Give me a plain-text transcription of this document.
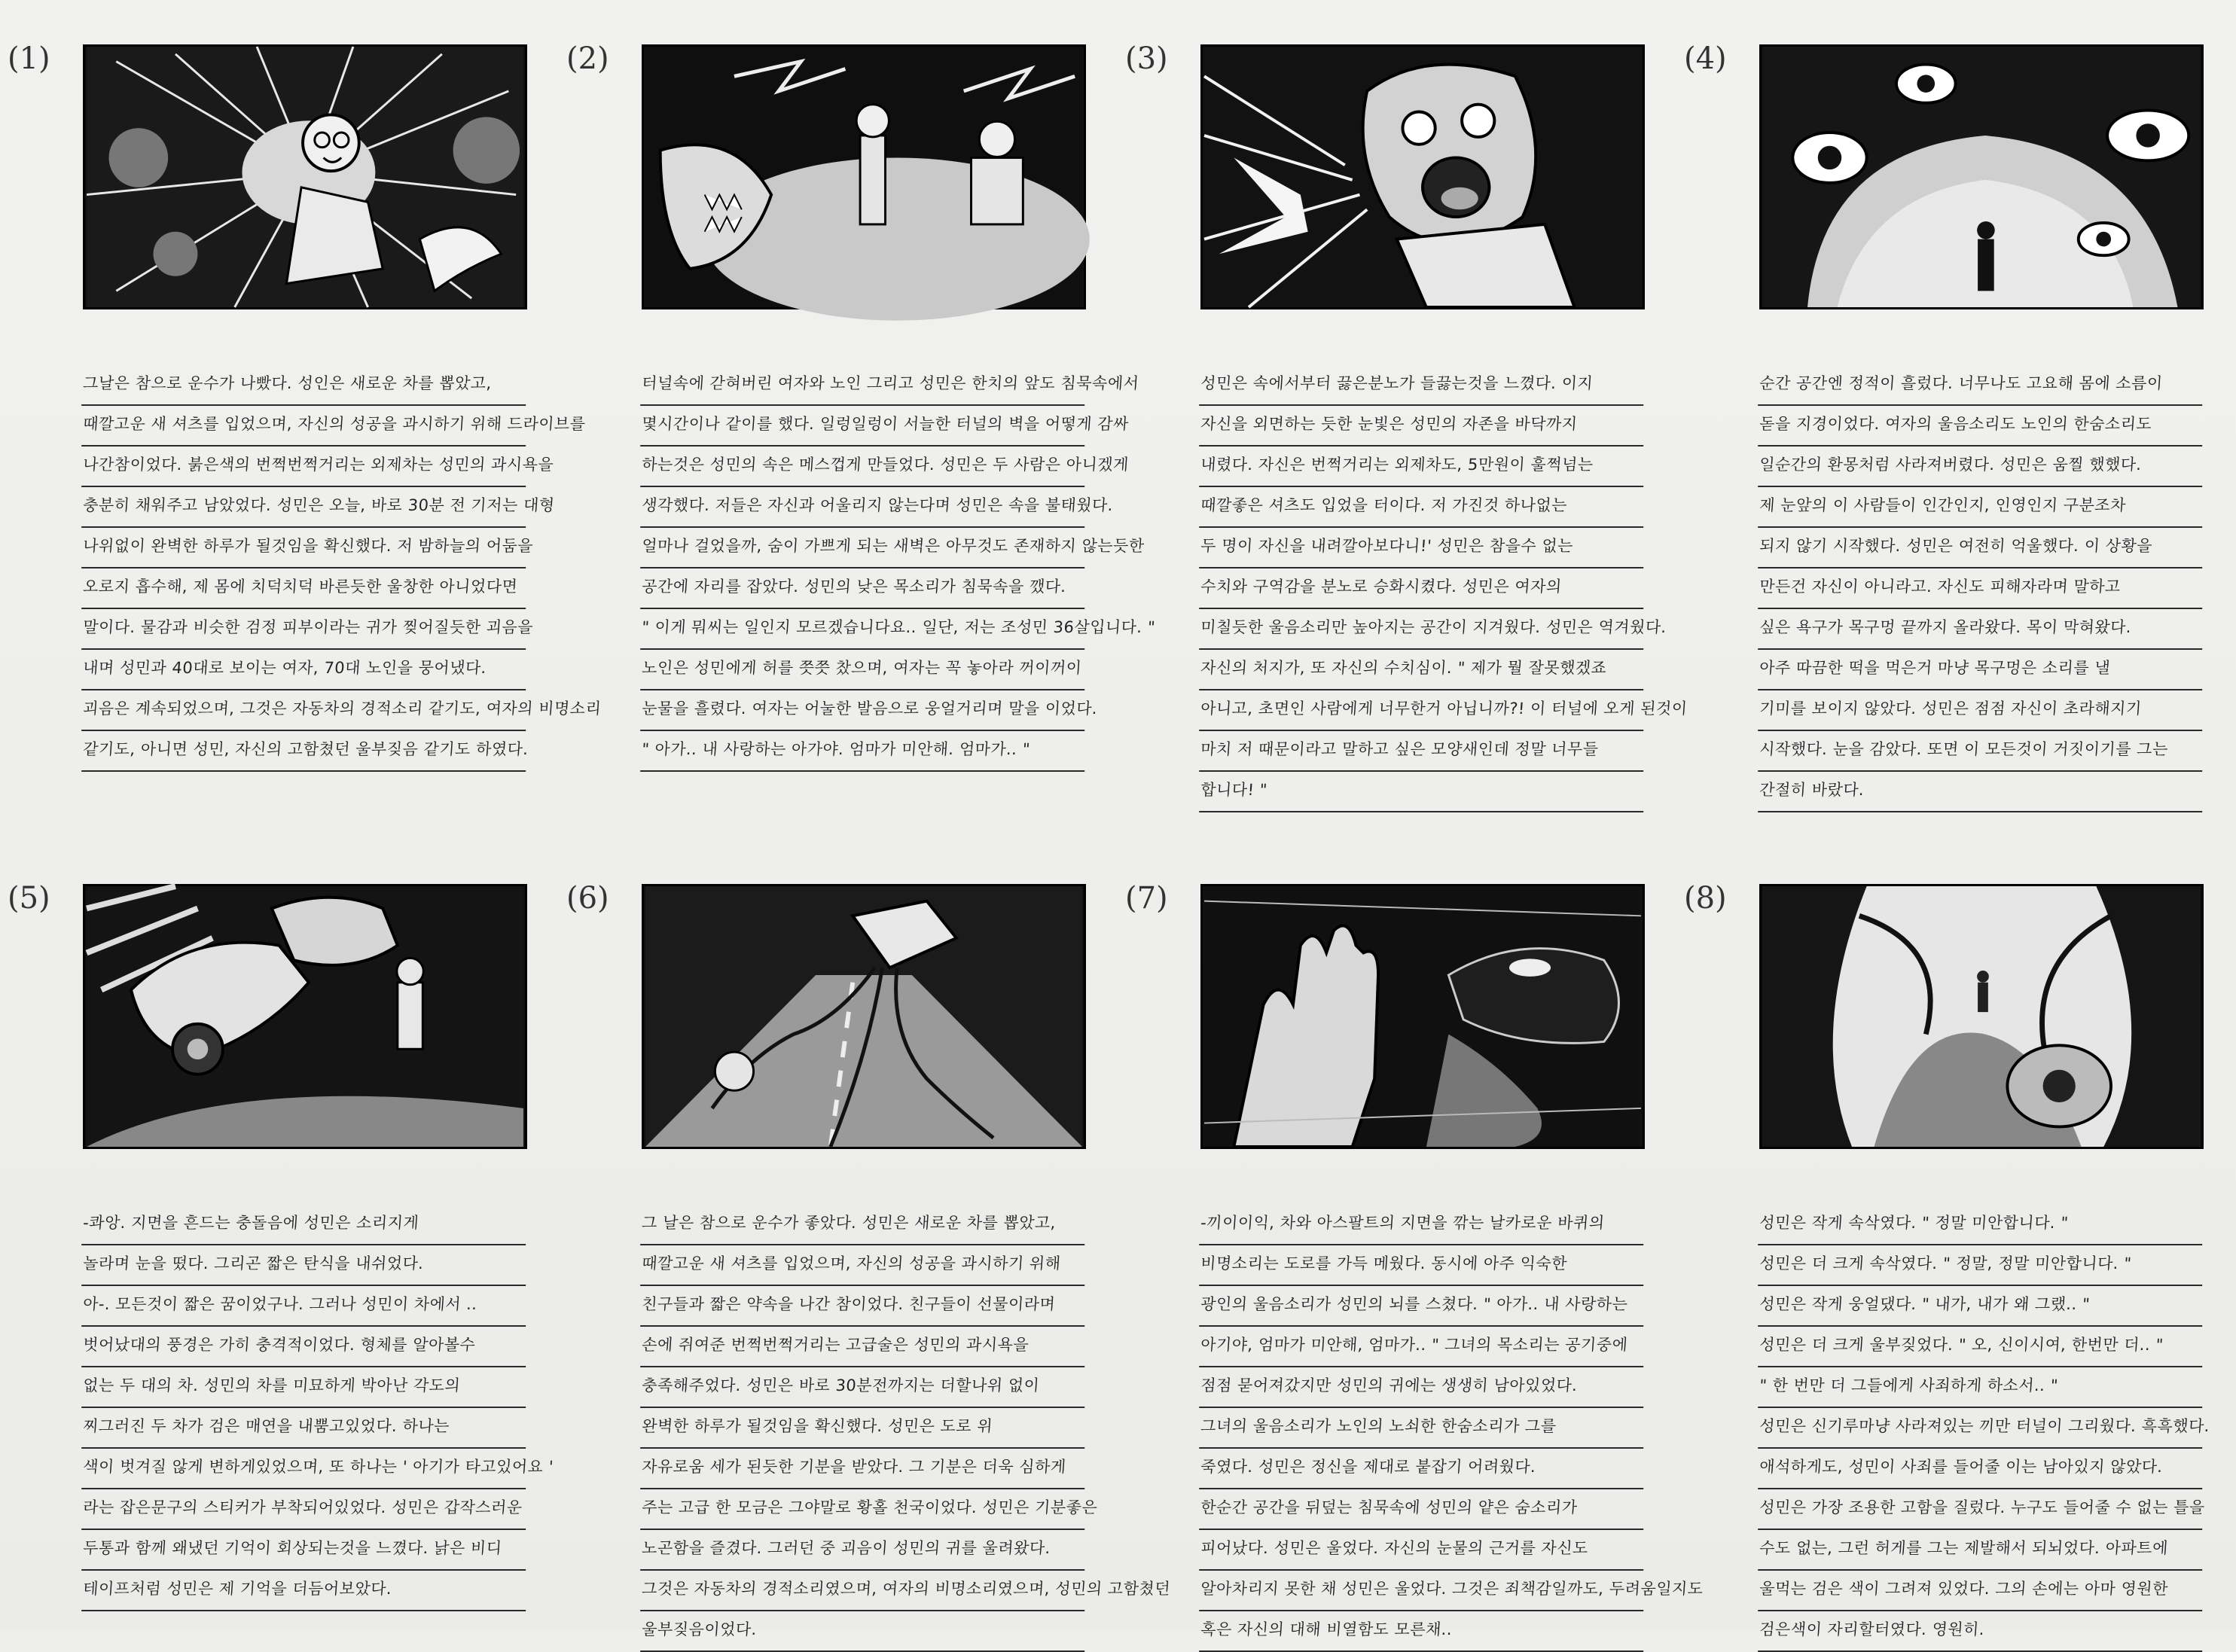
(1)
그날은 참으로 운수가 나빴다. 성인은 새로운 차를 뽑았고,
때깔고운 새 셔츠를 입었으며, 자신의 성공을 과시하기 위해 드라이브를
나간참이었다. 붉은색의 번쩍번쩍거리는 외제차는 성민의 과시욕을
충분히 채워주고 남았었다. 성민은 오늘, 바로 30분 전 기저는 대형
나위없이 완벽한 하루가 될것임을 확신했다. 저 밤하늘의 어둠을
오로지 흡수해, 제 몸에 치덕치덕 바른듯한 울창한 아니었다면
말이다. 물감과 비슷한 검정 피부이라는 귀가 찢어질듯한 괴음을
내며 성민과 40대로 보이는 여자, 70대 노인을 뭉어냈다.
괴음은 계속되었으며, 그것은 자동차의 경적소리 같기도, 여자의 비명소리
같기도, 아니면 성민, 자신의 고함쳤던 울부짖음 같기도 하였다.
(2)
터널속에 갇혀버린 여자와 노인 그리고 성민은 한치의 앞도 침묵속에서
몇시간이나 같이를 했다. 일렁일렁이 서늘한 터널의 벽을 어떻게 감싸
하는것은 성민의 속은 메스껍게 만들었다. 성민은 두 사람은 아니겠게
생각했다. 저들은 자신과 어울리지 않는다며 성민은 속을 불태웠다.
얼마나 걸었을까, 숨이 가쁘게 되는 새벽은 아무것도 존재하지 않는듯한
공간에 자리를 잡았다. 성민의 낮은 목소리가 침묵속을 깼다.
" 이게 뭐씨는 일인지 모르겠습니다요.. 일단, 저는 조성민 36살입니다. "
노인은 성민에게 허를 쯧쯧 찼으며, 여자는 꼭 놓아라 꺼이꺼이
눈물을 흘렸다. 여자는 어눌한 발음으로 웅얼거리며 말을 이었다.
" 아가.. 내 사랑하는 아가야. 엄마가 미안해. 엄마가.. "
(3)
성민은 속에서부터 끓은분노가 들끓는것을 느꼈다. 이지
자신을 외면하는 듯한 눈빛은 성민의 자존을 바닥까지
내렸다. 자신은 번쩍거리는 외제차도, 5만원이 훌쩍넘는
때깔좋은 셔츠도 입었을 터이다. 저 가진것 하나없는
두 명이 자신을 내려깔아보다니!' 성민은 참을수 없는
수치와 구역감을 분노로 승화시켰다. 성민은 여자의
미칠듯한 울음소리만 높아지는 공간이 지겨웠다. 성민은 역겨웠다.
자신의 처지가, 또 자신의 수치심이. " 제가 뭘 잘못했겠죠
아니고, 초면인 사람에게 너무한거 아닙니까?! 이 터널에 오게 된것이
마치 저 때문이라고 말하고 싶은 모양새인데 정말 너무들
합니다! "
(4)
순간 공간엔 정적이 흘렀다. 너무나도 고요해 몸에 소름이
돋을 지경이었다. 여자의 울음소리도 노인의 한숨소리도
일순간의 환몽처럼 사라져버렸다. 성민은 움찔 했했다.
제 눈앞의 이 사람들이 인간인지, 인영인지 구분조차
되지 않기 시작했다. 성민은 여전히 억울했다. 이 상황을
만든건 자신이 아니라고. 자신도 피해자라며 말하고
싶은 욕구가 목구멍 끝까지 올라왔다. 목이 막혀왔다.
아주 따끔한 떡을 먹은거 마냥 목구멍은 소리를 낼
기미를 보이지 않았다. 성민은 점점 자신이 초라해지기
시작했다. 눈을 감았다. 또면 이 모든것이 거짓이기를 그는
간절히 바랐다.
(5)
-콰앙. 지면을 흔드는 충돌음에 성민은 소리지게
놀라며 눈을 떴다. 그리곤 짧은 탄식을 내쉬었다.
아-. 모든것이 짧은 꿈이었구나. 그러나 성민이 차에서 ..
벗어났대의 풍경은 가히 충격적이었다. 형체를 알아볼수
없는 두 대의 차. 성민의 차를 미묘하게 박아난 각도의
찌그러진 두 차가 검은 매연을 내뿜고있었다. 하나는
색이 벗겨질 않게 변하게있었으며, 또 하나는 ' 아기가 타고있어요 '
라는 잡은문구의 스티커가 부착되어있었다. 성민은 갑작스러운
두통과 함께 왜냈던 기억이 회상되는것을 느꼈다. 낡은 비디
테이프처럼 성민은 제 기억을 더듬어보았다.
(6)
그 날은 참으로 운수가 좋았다. 성민은 새로운 차를 뽑았고,
때깔고운 새 셔츠를 입었으며, 자신의 성공을 과시하기 위해
친구들과 짧은 약속을 나간 참이었다. 친구들이 선물이라며
손에 쥐여준 번쩍번쩍거리는 고급술은 성민의 과시욕을
충족해주었다. 성민은 바로 30분전까지는 더할나위 없이
완벽한 하루가 될것임을 확신했다. 성민은 도로 위
자유로움 세가 된듯한 기분을 받았다. 그 기분은 더욱 심하게
주는 고급 한 모금은 그야말로 황홀 천국이었다. 성민은 기분좋은
노곤함을 즐겼다. 그러던 중 괴음이 성민의 귀를 울려왔다.
그것은 자동차의 경적소리였으며, 여자의 비명소리였으며, 성민의 고함쳤던
울부짖음이었다.
(7)
-끼이이익, 차와 아스팔트의 지면을 깎는 날카로운 바퀴의
비명소리는 도로를 가득 메웠다. 동시에 아주 익숙한
광인의 울음소리가 성민의 뇌를 스쳤다. " 아가.. 내 사랑하는
아기야, 엄마가 미안해, 엄마가.. " 그녀의 목소리는 공기중에
점점 묻어져갔지만 성민의 귀에는 생생히 남아있었다.
그녀의 울음소리가 노인의 노쇠한 한숨소리가 그를
죽였다. 성민은 정신을 제대로 붙잡기 어려웠다.
한순간 공간을 뒤덮는 침묵속에 성민의 얕은 숨소리가
피어났다. 성민은 울었다. 자신의 눈물의 근거를 자신도
알아차리지 못한 채 성민은 울었다. 그것은 죄책감일까도, 두려움일지도
혹은 자신의 대해 비열함도 모른채..
(8)
성민은 작게 속삭였다. " 정말 미안합니다. "
성민은 더 크게 속삭였다. " 정말, 정말 미안합니다. "
성민은 작게 웅얼댔다. " 내가, 내가 왜 그랬.. "
성민은 더 크게 울부짖었다. " 오, 신이시여, 한번만 더.. "
" 한 번만 더 그들에게 사죄하게 하소서.. "
성민은 신기루마냥 사라져있는 끼만 터널이 그리웠다. 흑흑했다.
애석하게도, 성민이 사죄를 들어줄 이는 남아있지 않았다.
성민은 가장 조용한 고함을 질렀다. 누구도 들어줄 수 없는 틀을
수도 없는, 그런 허게를 그는 제발해서 되뇌었다. 아파트에
울먹는 검은 색이 그려져 있었다. 그의 손에는 아마 영원한
검은색이 자리할터였다. 영원히.
